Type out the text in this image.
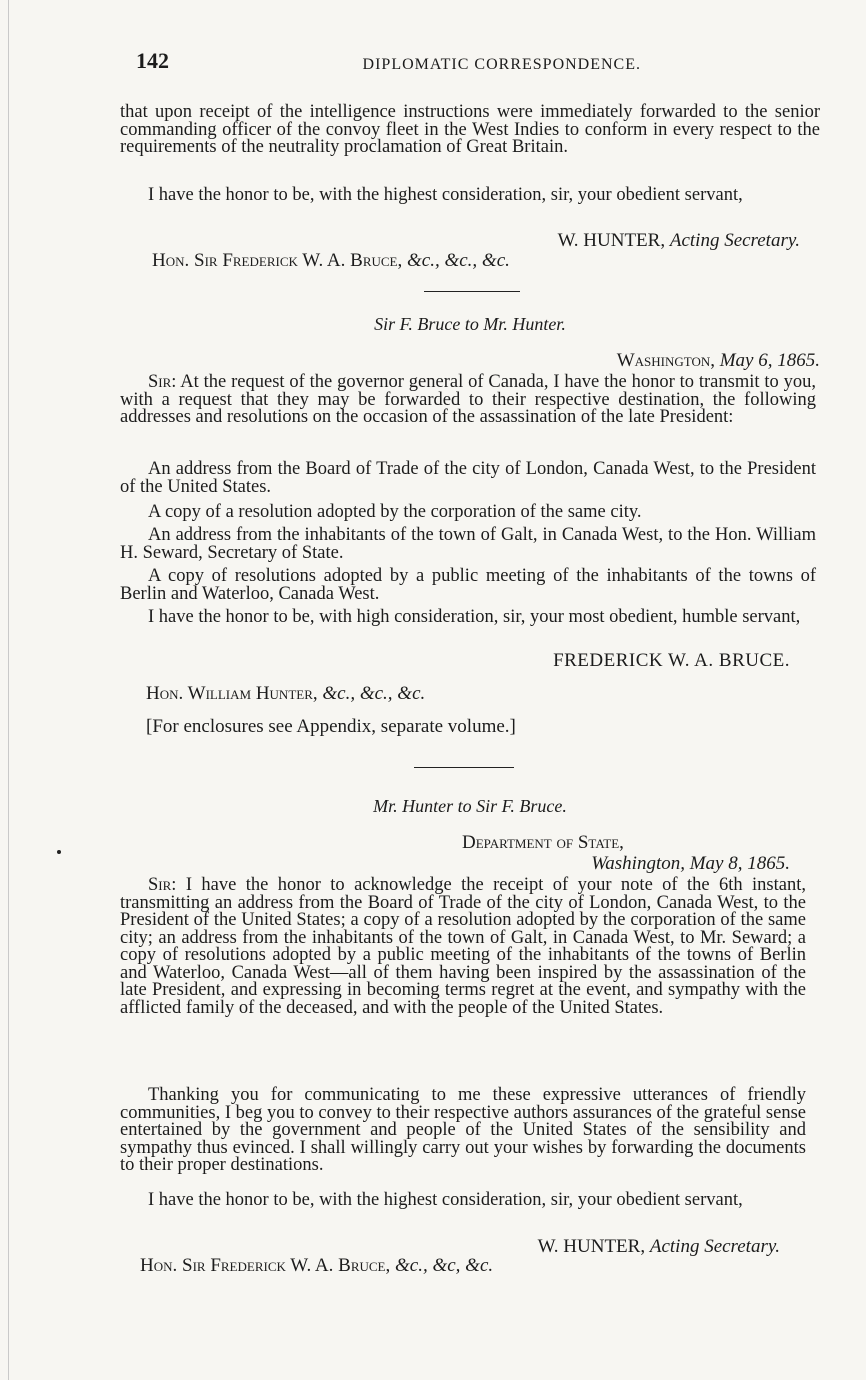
142	DIPLOMATIC CORRESPONDENCE.

that upon receipt of the intelligence instructions were immediately forwarded to the senior commanding officer of the convoy fleet in the West Indies to conform in every respect to the requirements of the neutrality proclamation of Great Britain.

I have the honor to be, with the highest consideration, sir, your obedient servant,

W. HUNTER, Acting Secretary.
Hon. Sir Frederick W. A. Bruce, &c., &c., &c.
Sir F. Bruce to Mr. Hunter.
Washington, May 6, 1865.

Sir: At the request of the governor general of Canada, I have the honor to transmit to you, with a request that they may be forwarded to their respective destination, the following addresses and resolutions on the occasion of the assassination of the late President:

An address from the Board of Trade of the city of London, Canada West, to the President of the United States.

A copy of a resolution adopted by the corporation of the same city.

An address from the inhabitants of the town of Galt, in Canada West, to the Hon. William H. Seward, Secretary of State.

A copy of resolutions adopted by a public meeting of the inhabitants of the towns of Berlin and Waterloo, Canada West.

I have the honor to be, with high consideration, sir, your most obedient, humble servant,

FREDERICK W. A. BRUCE.
Hon. William Hunter, &c., &c., &c.
[For enclosures see Appendix, separate volume.]
Mr. Hunter to Sir F. Bruce.
Department of State,
Washington, May 8, 1865.

Sir: I have the honor to acknowledge the receipt of your note of the 6th instant, transmitting an address from the Board of Trade of the city of London, Canada West, to the President of the United States; a copy of a resolution adopted by the corporation of the same city; an address from the inhabitants of the town of Galt, in Canada West, to Mr. Seward; a copy of resolutions adopted by a public meeting of the inhabitants of the towns of Berlin and Waterloo, Canada West—all of them having been inspired by the assassination of the late President, and expressing in becoming terms regret at the event, and sympathy with the afflicted family of the deceased, and with the people of the United States.

Thanking you for communicating to me these expressive utterances of friendly communities, I beg you to convey to their respective authors assurances of the grateful sense entertained by the government and people of the United States of the sensibility and sympathy thus evinced. I shall willingly carry out your wishes by forwarding the documents to their proper destinations.

I have the honor to be, with the highest consideration, sir, your obedient servant,

W. HUNTER, Acting Secretary.
Hon. Sir Frederick W. A. Bruce, &c., &c, &c.
